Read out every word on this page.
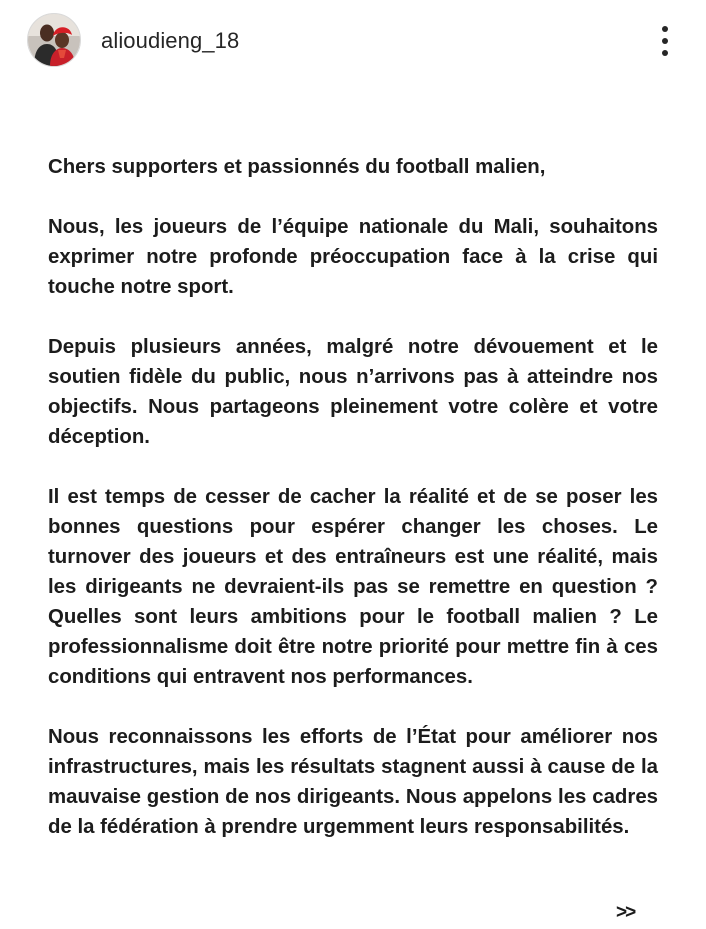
alioudieng_18

Chers supporters et passionnés du football malien,

Nous, les joueurs de l’équipe nationale du Mali, souhaitons exprimer notre profonde préoccupation face à la crise qui touche notre sport.

Depuis plusieurs années, malgré notre dévouement et le soutien fidèle du public, nous n’arrivons pas à atteindre nos objectifs. Nous partageons pleinement votre colère et votre déception.

Il est temps de cesser de cacher la réalité et de se poser les bonnes questions pour espérer changer les choses. Le turnover des joueurs et des entraîneurs est une réalité, mais les dirigeants ne devraient-ils pas se remettre en question ? Quelles sont leurs ambitions pour le football malien ? Le professionnalisme doit être notre priorité pour mettre fin à ces conditions qui entravent nos performances.

Nous reconnaissons les efforts de l’État pour améliorer nos infrastructures, mais les résultats stagnent aussi à cause de la mauvaise gestion de nos dirigeants. Nous appelons les cadres de la fédération à prendre urgemment leurs responsabilités.

>>
